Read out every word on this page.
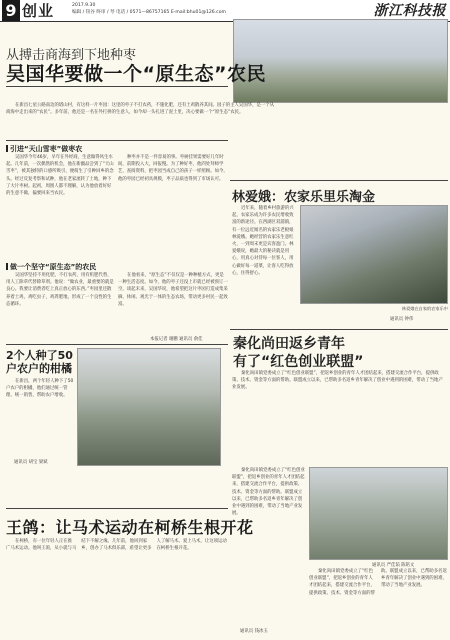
9 创业	2017.9.30
编辑 / 钮谷 终审 / 琴 电话 / 0571—86757165 E-mail:bhu01@126.com	浙江科技报
从搏击商海到下地种枣
吴国华要做一个“原生态”农民
在新昌七星公路南边的塔山村，有这样一片枣园：这里的枣子不打农药，不施化肥，还有土鸡散养其间。园子的主人吴国华，是一个从商海中走出来的“农民”。多年前，他还是一名在外打拼的生意人，如今却一头扎进了泥土里，决心要做一个“原生态”农民。
引进“天山雪枣”做枣农

吴国华今年46岁，早年在外经商，生意做得风生水起。几年前，一次偶然的机会，他在新疆品尝到了“天山雪枣”，被其独特的口感所吸引，便萌生了引种回乡的念头。经过反复考察和试种，他在老家流转了土地，种下了大片枣树。起初，周围人都不理解，认为他放着好好的生意不做，偏要回来当农民。

种枣并不是一件容易的事。枣树挂果需要好几年时间，前期投入大，回报慢。为了种好枣，他四处拜师学艺，查阅资料，把枣园当成自己的孩子一样照顾。如今，他的枣园已经初具规模，枣子品质也得到了市场认可。

做一个坚守“原生态”的农民

吴国华坚持不用化肥，不打农药，用有机肥代替，用人工除草代替除草剂。他说：“做农业，最重要的就是良心。我要让消费者吃上真正放心的东西。”枣园里还散养着土鸡，鸡吃虫子，鸡粪肥地，形成了一个良性的生态循环。

在他看来，“原生态”不仅仅是一种种植方式，更是一种生活态度。如今，他的枣子还没上市就已经被预订一空。谈起未来，吴国华说，他希望把这片枣园打造成集采摘、休闲、观光于一体的生态农场，带动更多村民一起致富。

本报记者 谢鹏 通讯员 俞佳
林爱娥：农家乐里乐淘金

近年来，随着乡村旅游的兴起，农家乐成为许多农民增收致富的新途径。在西湖区双浦镇，有一位远近闻名的农家乐老板娘林爱娥。她经营的农家乐生意红火，一到周末更是宾客盈门。林爱娥说，她最大的秘诀就是用心，用真心对待每一位客人，用心做好每一道菜，让客人吃得放心，住得舒心。

林爱娥在自家的农家乐中
通讯员 钟伟
秦化尚田返乡青年
有了“红色创业联盟”

秦化尚田镇党委成立了“红色创业联盟”，把返乡创业的青年人才团结起来，搭建交流合作平台，提供政策、技术、资金等方面的帮助。联盟成立以来，已帮助多名返乡青年解决了创业中遇到的困难，带动了当地产业发展。

秦化尚田镇党委成立了“红色创业联盟”，把返乡创业的青年人才团结起来，搭建交流合作平台，提供政策、技术、资金等方面的帮助。联盟成立以来，已帮助多名返乡青年解决了创业中遇到的困难，带动了当地产业发展。

通讯员 严佳茹 陈铭文
2个人种了50户农户的柑橘

在新昌，两个年轻人种下了50户农户的柑橘，他们通过统一管理、统一销售，帮助农户增收。

通讯员 胡宝 梁斌
王鸽：让马术运动在柯桥生根开花

在柯桥，有一位年轻人正在推广马术运动。他叫王鸽，从小就与马结下不解之缘。几年前，他回到家乡，创办了马术俱乐部，希望让更多人了解马术、爱上马术，让这项运动在柯桥生根开花。

通讯员 钱冰玉

秦化尚田镇党委成立了“红色创业联盟”，把返乡创业的青年人才团结起来，搭建交流合作平台，提供政策、技术、资金等方面的帮助。联盟成立以来，已帮助多名返乡青年解决了创业中遇到的困难，带动了当地产业发展。
